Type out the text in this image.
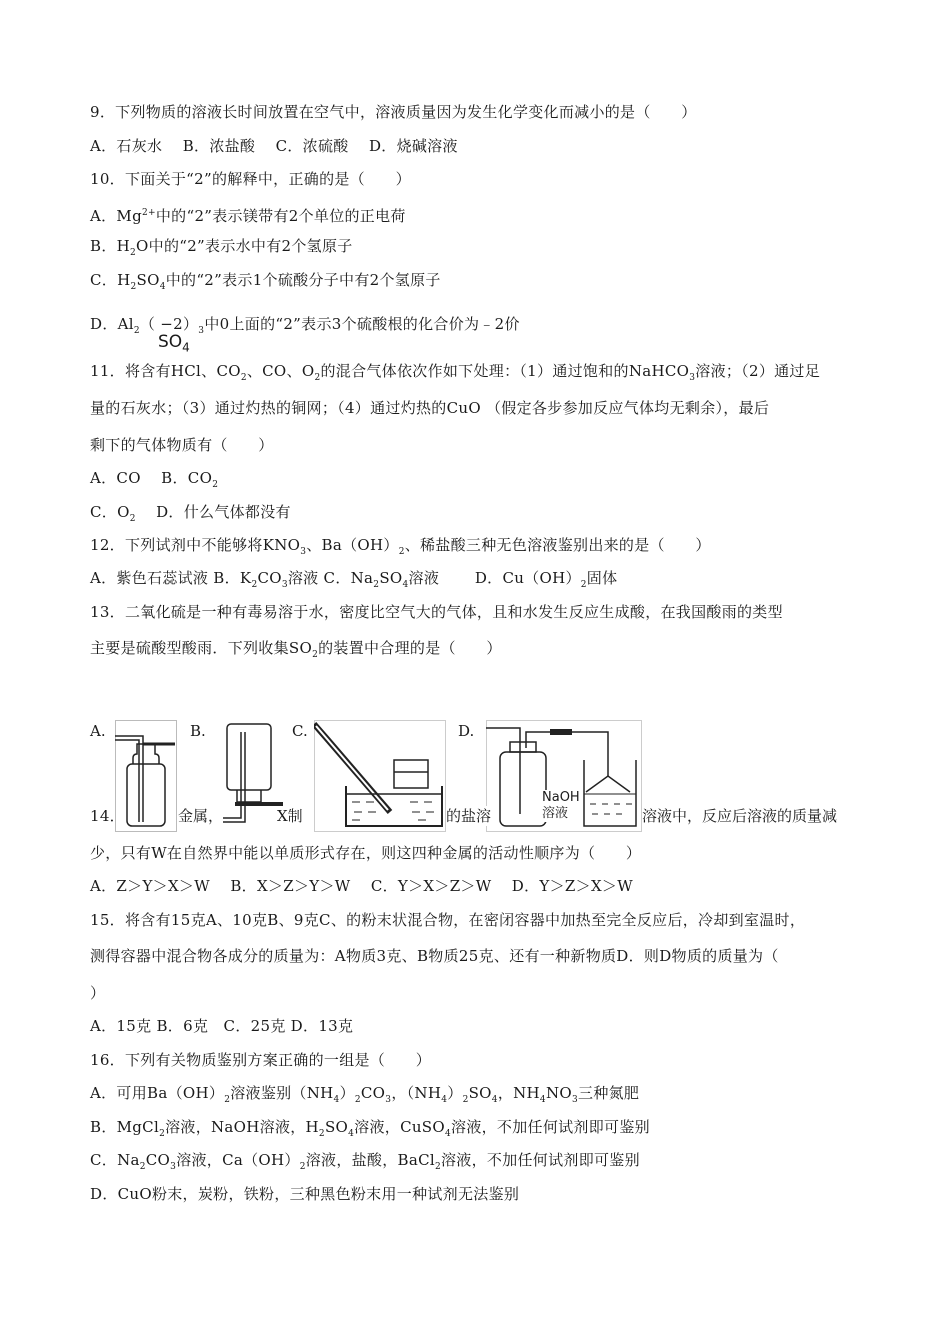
9．下列物质的溶液长时间放置在空气中，溶液质量因为发生化学变化而减小的是（　　）
A．石灰水　 B．浓盐酸　 C．浓硫酸　 D．烧碱溶液
10．下面关于“2”的解释中，正确的是（　　）
A．$Mg^{2+}$中的“2”表示镁带有2个单位的正电荷
B．$H_2O$中的“2”表示水中有2个氢原子
C．$H_2SO_4$中的“2”表示1个硫酸分子中有2个氢原子
D．$Al_2( -2)_3$中0上面的“2”表示3个硫酸根的化合价为﹣2价
$SO_4$
11．将含有HCl、$CO_2$、CO、$O_2$的混合气体依次作如下处理：（1）通过饱和的NaHCO$_3$溶液；（2）通过足
量的石灰水；（3）通过灼热的铜网；（4）通过灼热的CuO （假定各步参加反应气体均无剩余），最后
剩下的气体物质有（　　）
A．CO　 B．$CO_2$
C．$O_2$　 D．什么气体都没有
12．下列试剂中不能够将$KNO_3$、$Ba(OH)_2$、稀盐酸三种无色溶液鉴别出来的是（　　）
A．紫色石蕊试液 B．$K_2CO_3$溶液 C．$Na_2SO_4$溶液　　 D．$Cu(OH)_2$固体
13．二氧化硫是一种有毒易溶于水，密度比空气大的气体，且和水发生反应生成酸，在我国酸雨的类型
主要是硫酸型酸雨．下列收集$SO_2$的装置中合理的是（　　）
A.	B.	C.	D.
NaOH
溶液
14．	金属，	X制	的盐溶	溶液中，反应后溶液的质量减
少，只有W在自然界中能以单质形式存在，则这四种金属的活动性顺序为（　　）
A．Z＞Y＞X＞W　 B．X＞Z＞Y＞W　 C．Y＞X＞Z＞W　 D．Y＞Z＞X＞W
15．将含有15克A、10克B、9克C、的粉末状混合物，在密闭容器中加热至完全反应后，冷却到室温时，
测得容器中混合物各成分的质量为：A物质3克、B物质25克、还有一种新物质D．则D物质的质量为（
）
A．15克 B．6克　C．25克 D．13克
16．下列有关物质鉴别方案正确的一组是（　　）
A．可用$Ba(OH)_2$溶液鉴别$(NH_4)_2CO_3$，$(NH_4)_2SO_4$，$NH_4NO_3$三种氮肥
B．MgCl$_2$溶液，NaOH溶液，$H_2SO_4$溶液，CuSO$_4$溶液，不加任何试剂即可鉴别
C．$Na_2CO_3$溶液，$Ca(OH)_2$溶液，盐酸，BaCl$_2$溶液，不加任何试剂即可鉴别
D．CuO粉末，炭粉，铁粉，三种黑色粉末用一种试剂无法鉴别
